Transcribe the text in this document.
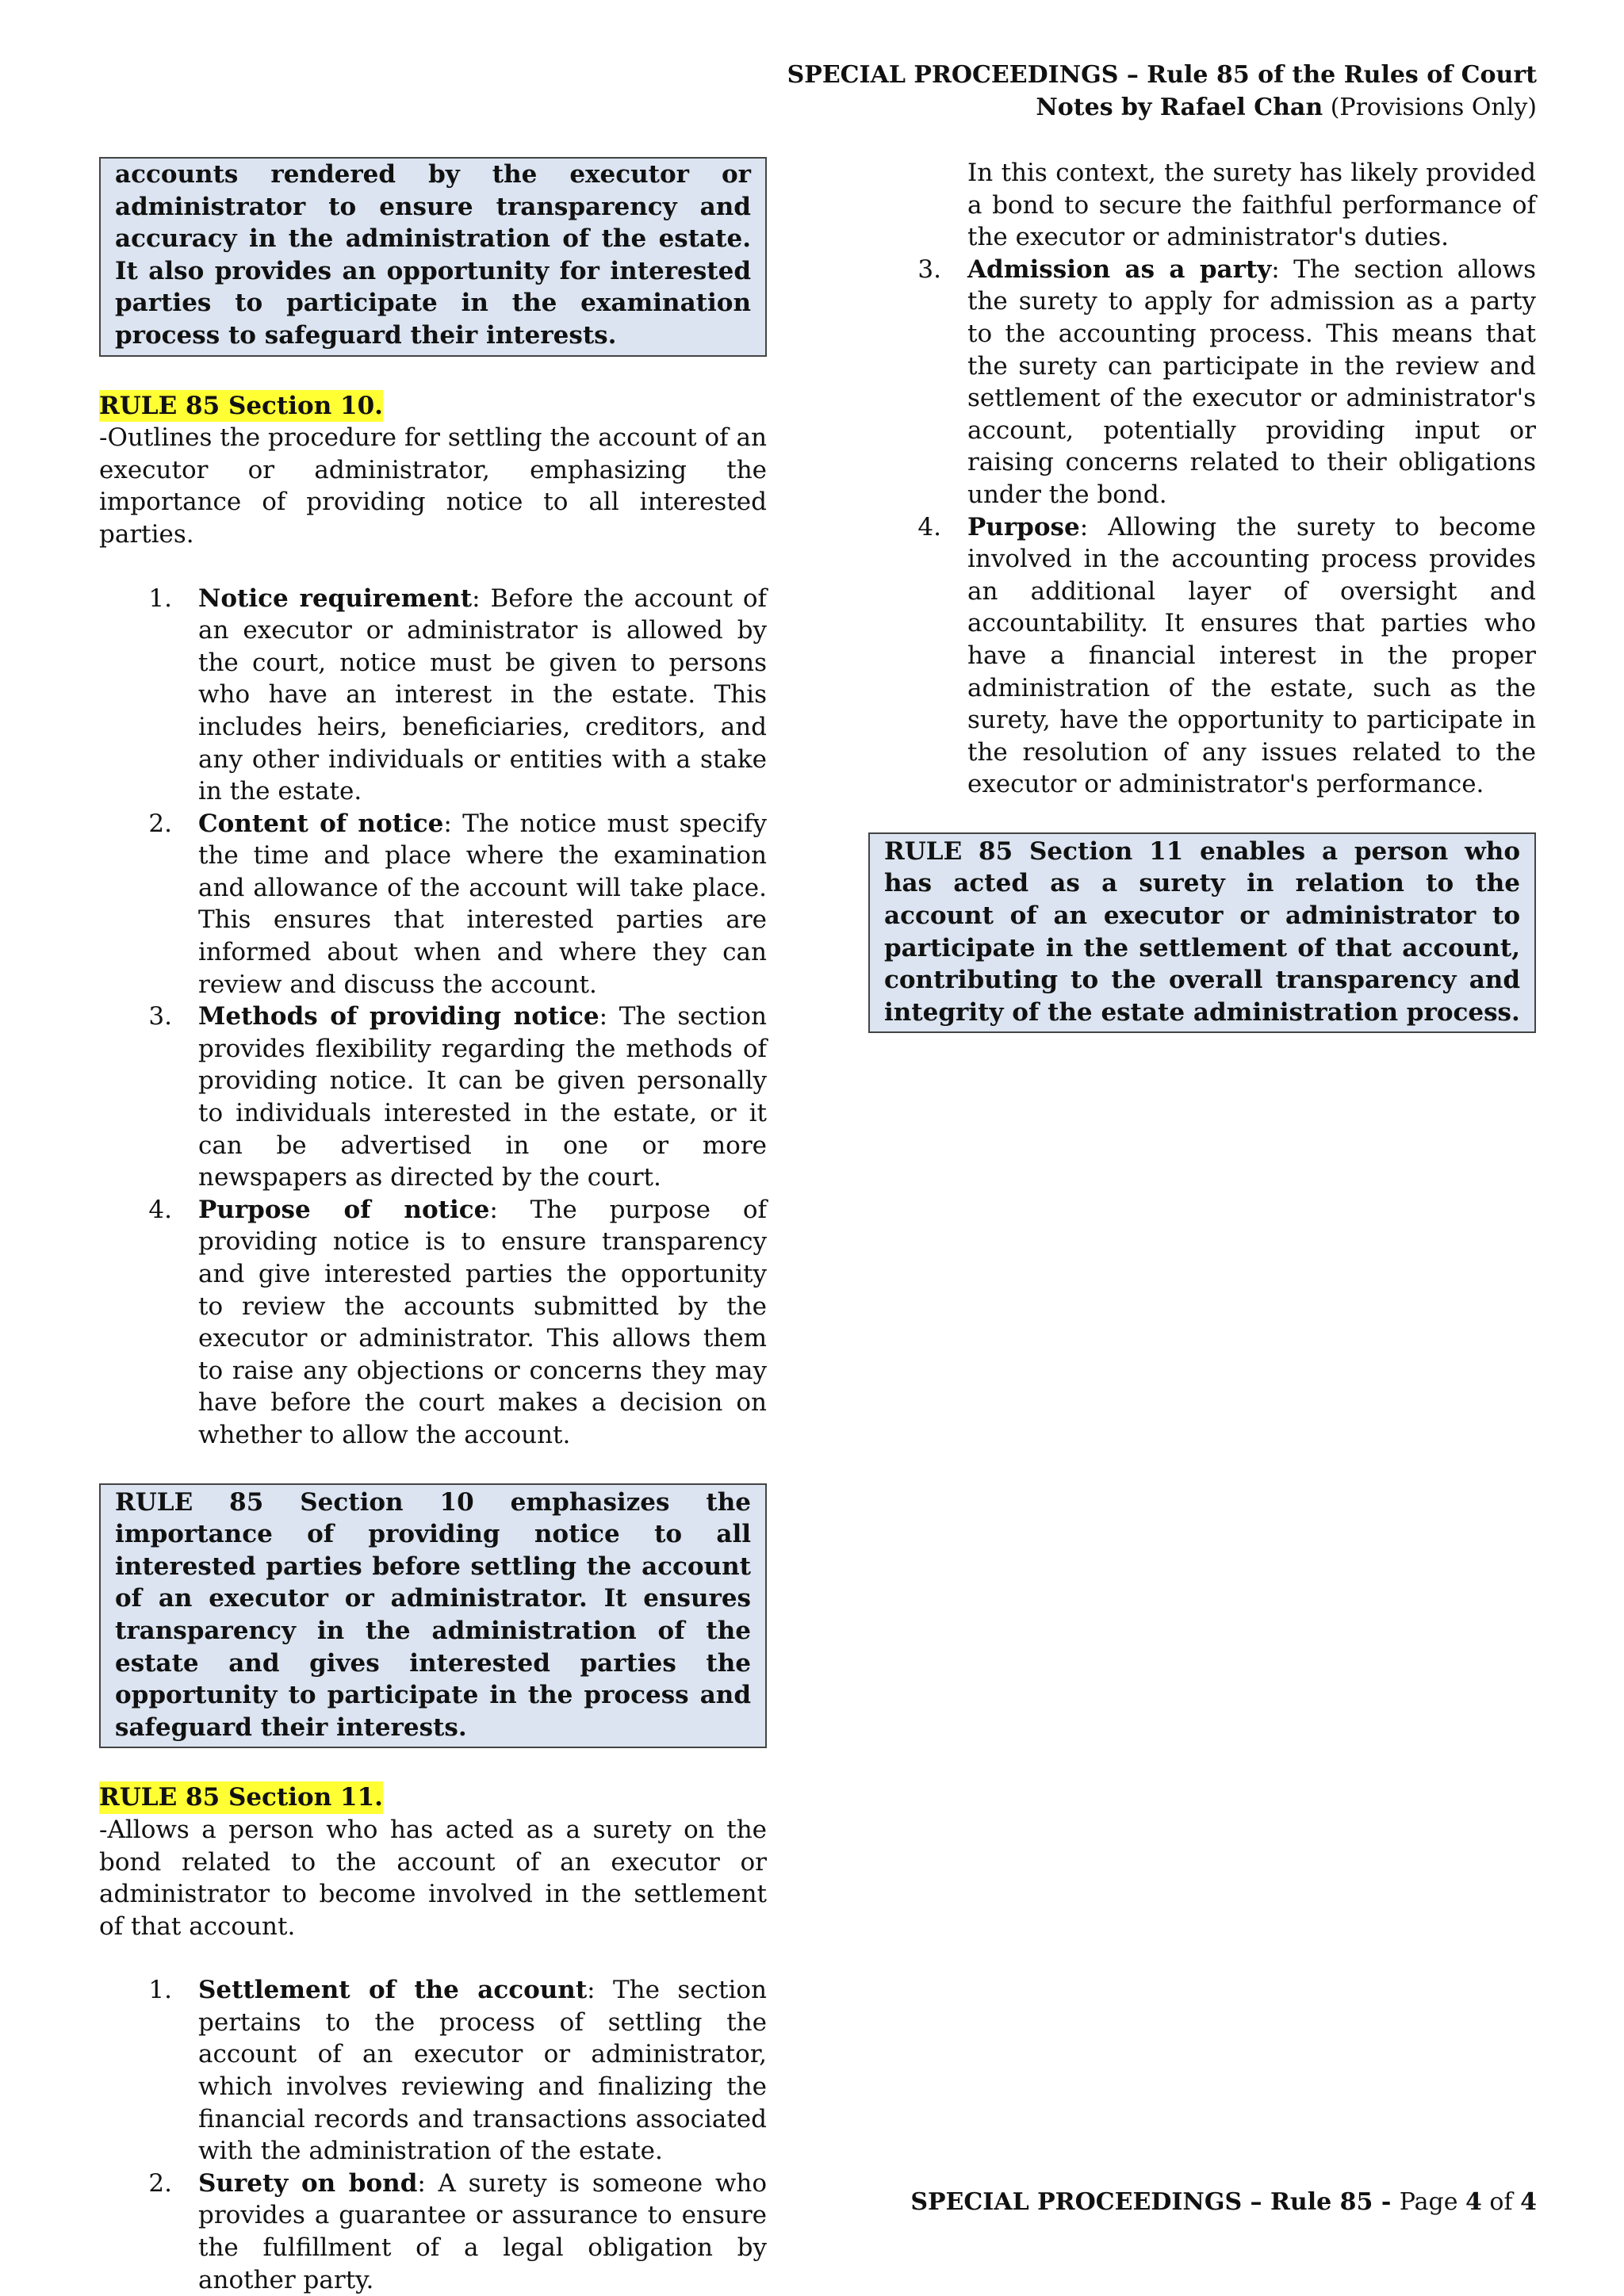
SPECIAL PROCEEDINGS – Rule 85 of the Rules of Court
Notes by Rafael Chan (Provisions Only)

accounts rendered by the executor or administrator to ensure transparency and accuracy in the administration of the estate. It also provides an opportunity for interested parties to participate in the examination process to safeguard their interests.

RULE 85 Section 10.

-Outlines the procedure for settling the account of an executor or administrator, emphasizing the importance of providing notice to all interested parties.

1.	Notice requirement: Before the account of an executor or administrator is allowed by the court, notice must be given to persons who have an interest in the estate. This includes heirs, beneficiaries, creditors, and any other individuals or entities with a stake in the estate.
2.	Content of notice: The notice must specify the time and place where the examination and allowance of the account will take place. This ensures that interested parties are informed about when and where they can review and discuss the account.
3.	Methods of providing notice: The section provides flexibility regarding the methods of providing notice. It can be given personally to individuals interested in the estate, or it can be advertised in one or more newspapers as directed by the court.
4.	Purpose of notice: The purpose of providing notice is to ensure transparency and give interested parties the opportunity to review the accounts submitted by the executor or administrator. This allows them to raise any objections or concerns they may have before the court makes a decision on whether to allow the account.

RULE 85 Section 10 emphasizes the importance of providing notice to all interested parties before settling the account of an executor or administrator. It ensures transparency in the administration of the estate and gives interested parties the opportunity to participate in the process and safeguard their interests.

RULE 85 Section 11.

-Allows a person who has acted as a surety on the bond related to the account of an executor or administrator to become involved in the settlement of that account.

1.	Settlement of the account: The section pertains to the process of settling the account of an executor or administrator, which involves reviewing and finalizing the financial records and transactions associated with the administration of the estate.
2.	Surety on bond: A surety is someone who provides a guarantee or assurance to ensure the fulfillment of a legal obligation by another party.

In this context, the surety has likely provided a bond to secure the faithful performance of the executor or administrator's duties.

3.	Admission as a party: The section allows the surety to apply for admission as a party to the accounting process. This means that the surety can participate in the review and settlement of the executor or administrator's account, potentially providing input or raising concerns related to their obligations under the bond.
4.	Purpose: Allowing the surety to become involved in the accounting process provides an additional layer of oversight and accountability. It ensures that parties who have a financial interest in the proper administration of the estate, such as the surety, have the opportunity to participate in the resolution of any issues related to the executor or administrator's performance.

RULE 85 Section 11 enables a person who has acted as a surety in relation to the account of an executor or administrator to participate in the settlement of that account, contributing to the overall transparency and integrity of the estate administration process.

SPECIAL PROCEEDINGS – Rule 85 - Page 4 of 4
